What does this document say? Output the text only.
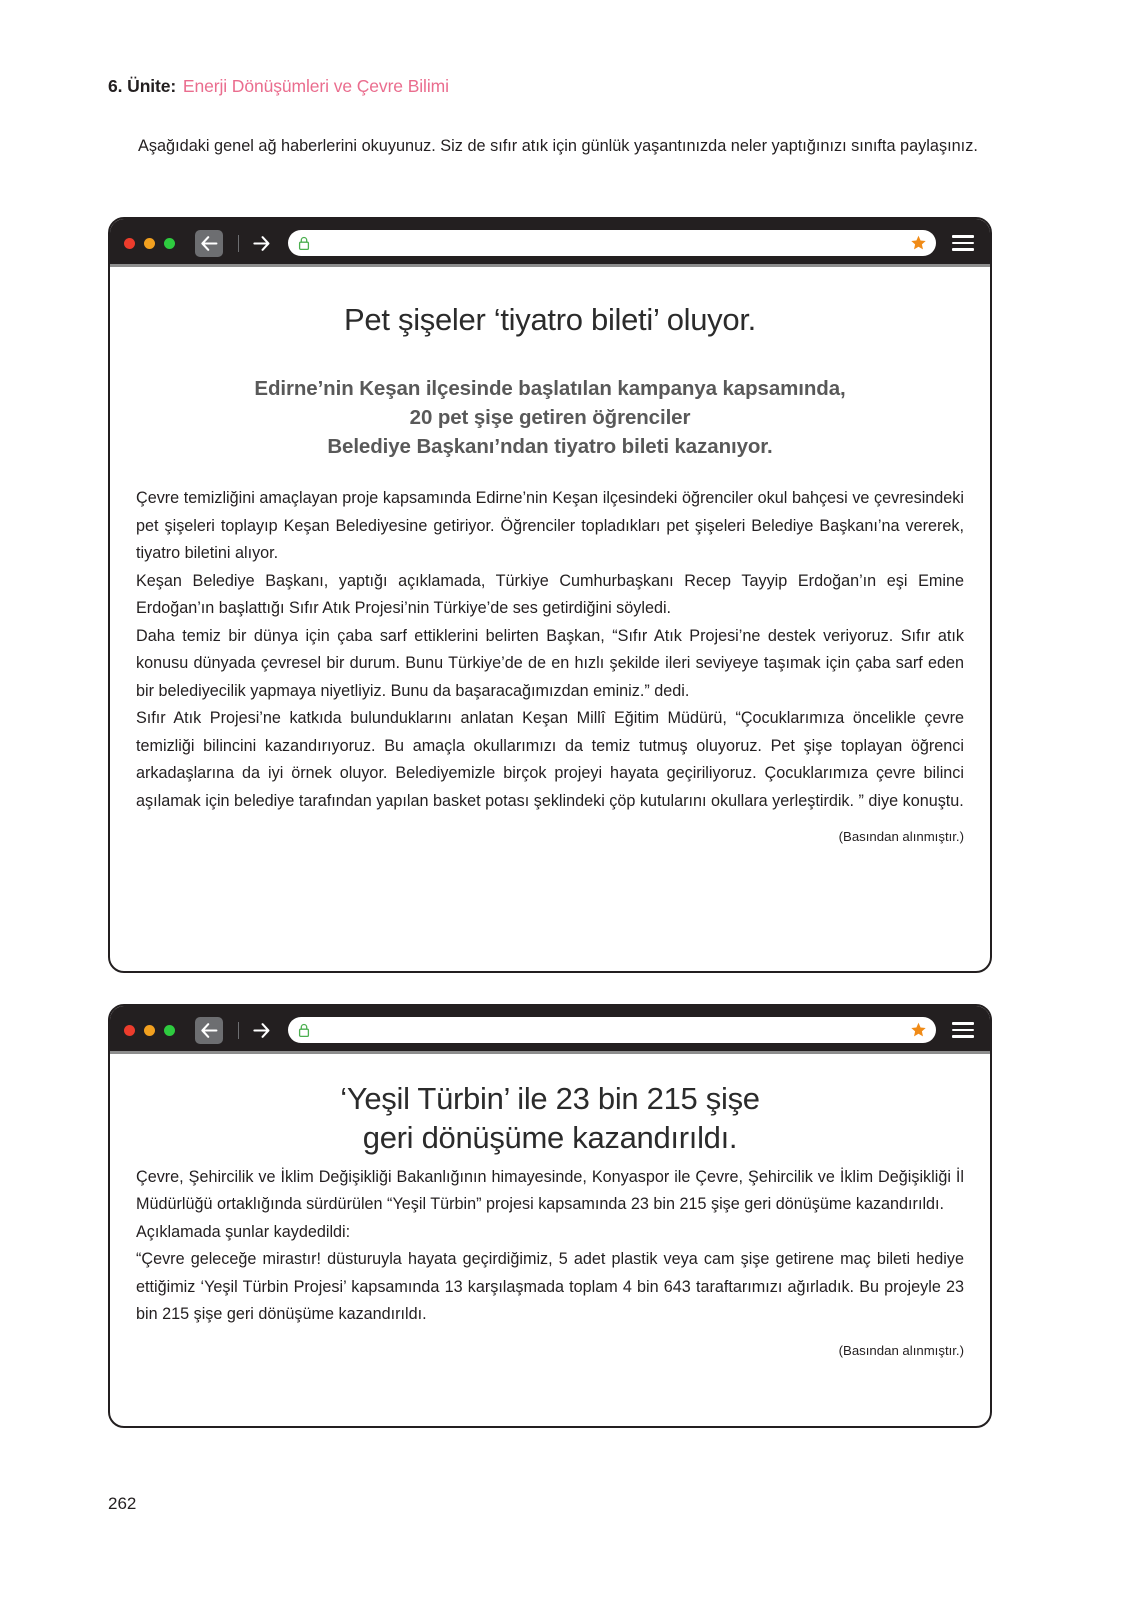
6. Ünite: Enerji Dönüşümleri ve Çevre Bilimi
Aşağıdaki genel ağ haberlerini okuyunuz. Siz de sıfır atık için günlük yaşantınızda neler yaptığınızı sınıfta paylaşınız.
Pet şişeler ‘tiyatro bileti’ oluyor.
Edirne’nin Keşan ilçesinde başlatılan kampanya kapsamında,
20 pet şişe getiren öğrenciler
Belediye Başkanı’ndan tiyatro bileti kazanıyor.

Çevre temizliğini amaçlayan proje kapsamında Edirne’nin Keşan ilçesindeki öğrenciler okul bahçesi ve çevresindeki pet şişeleri toplayıp Keşan Belediyesine getiriyor. Öğrenciler topladıkları pet şişeleri Belediye Başkanı’na vererek, tiyatro biletini alıyor.

Keşan Belediye Başkanı, yaptığı açıklamada, Türkiye Cumhurbaşkanı Recep Tayyip Erdoğan’ın eşi Emine Erdoğan’ın başlattığı Sıfır Atık Projesi’nin Türkiye’de ses getirdiğini söyledi.

Daha temiz bir dünya için çaba sarf ettiklerini belirten Başkan, “Sıfır Atık Projesi’ne destek veriyoruz. Sıfır atık konusu dünyada çevresel bir durum. Bunu Türkiye’de de en hızlı şekilde ileri seviyeye taşımak için çaba sarf eden bir belediyecilik yapmaya niyetliyiz. Bunu da başaracağımızdan eminiz.” dedi.

Sıfır Atık Projesi’ne katkıda bulunduklarını anlatan Keşan Millî Eğitim Müdürü, “Çocuklarımıza öncelikle çevre temizliği bilincini kazandırıyoruz. Bu amaçla okullarımızı da temiz tutmuş oluyoruz. Pet şişe toplayan öğrenci arkadaşlarına da iyi örnek oluyor. Belediyemizle birçok projeyi hayata geçiriliyoruz. Çocuklarımıza çevre bilinci aşılamak için belediye tarafından yapılan basket potası şeklindeki çöp kutularını okullara yerleştirdik. ” diye konuştu.

(Basından alınmıştır.)
‘Yeşil Türbin’ ile 23 bin 215 şişe
geri dönüşüme kazandırıldı.

Çevre, Şehircilik ve İklim Değişikliği Bakanlığının himayesinde, Konyaspor ile Çevre, Şehircilik ve İklim Değişikliği İl Müdürlüğü ortaklığında sürdürülen “Yeşil Türbin” projesi kapsamında 23 bin 215 şişe geri dönüşüme kazandırıldı.

Açıklamada şunlar kaydedildi:

“Çevre geleceğe mirastır! düsturuyla hayata geçirdiğimiz, 5 adet plastik veya cam şişe getirene maç bileti hediye ettiğimiz ‘Yeşil Türbin Projesi’ kapsamında 13 karşılaşmada toplam 4 bin 643 taraftarımızı ağırladık. Bu projeyle 23 bin 215 şişe geri dönüşüme kazandırıldı.

(Basından alınmıştır.)
262
